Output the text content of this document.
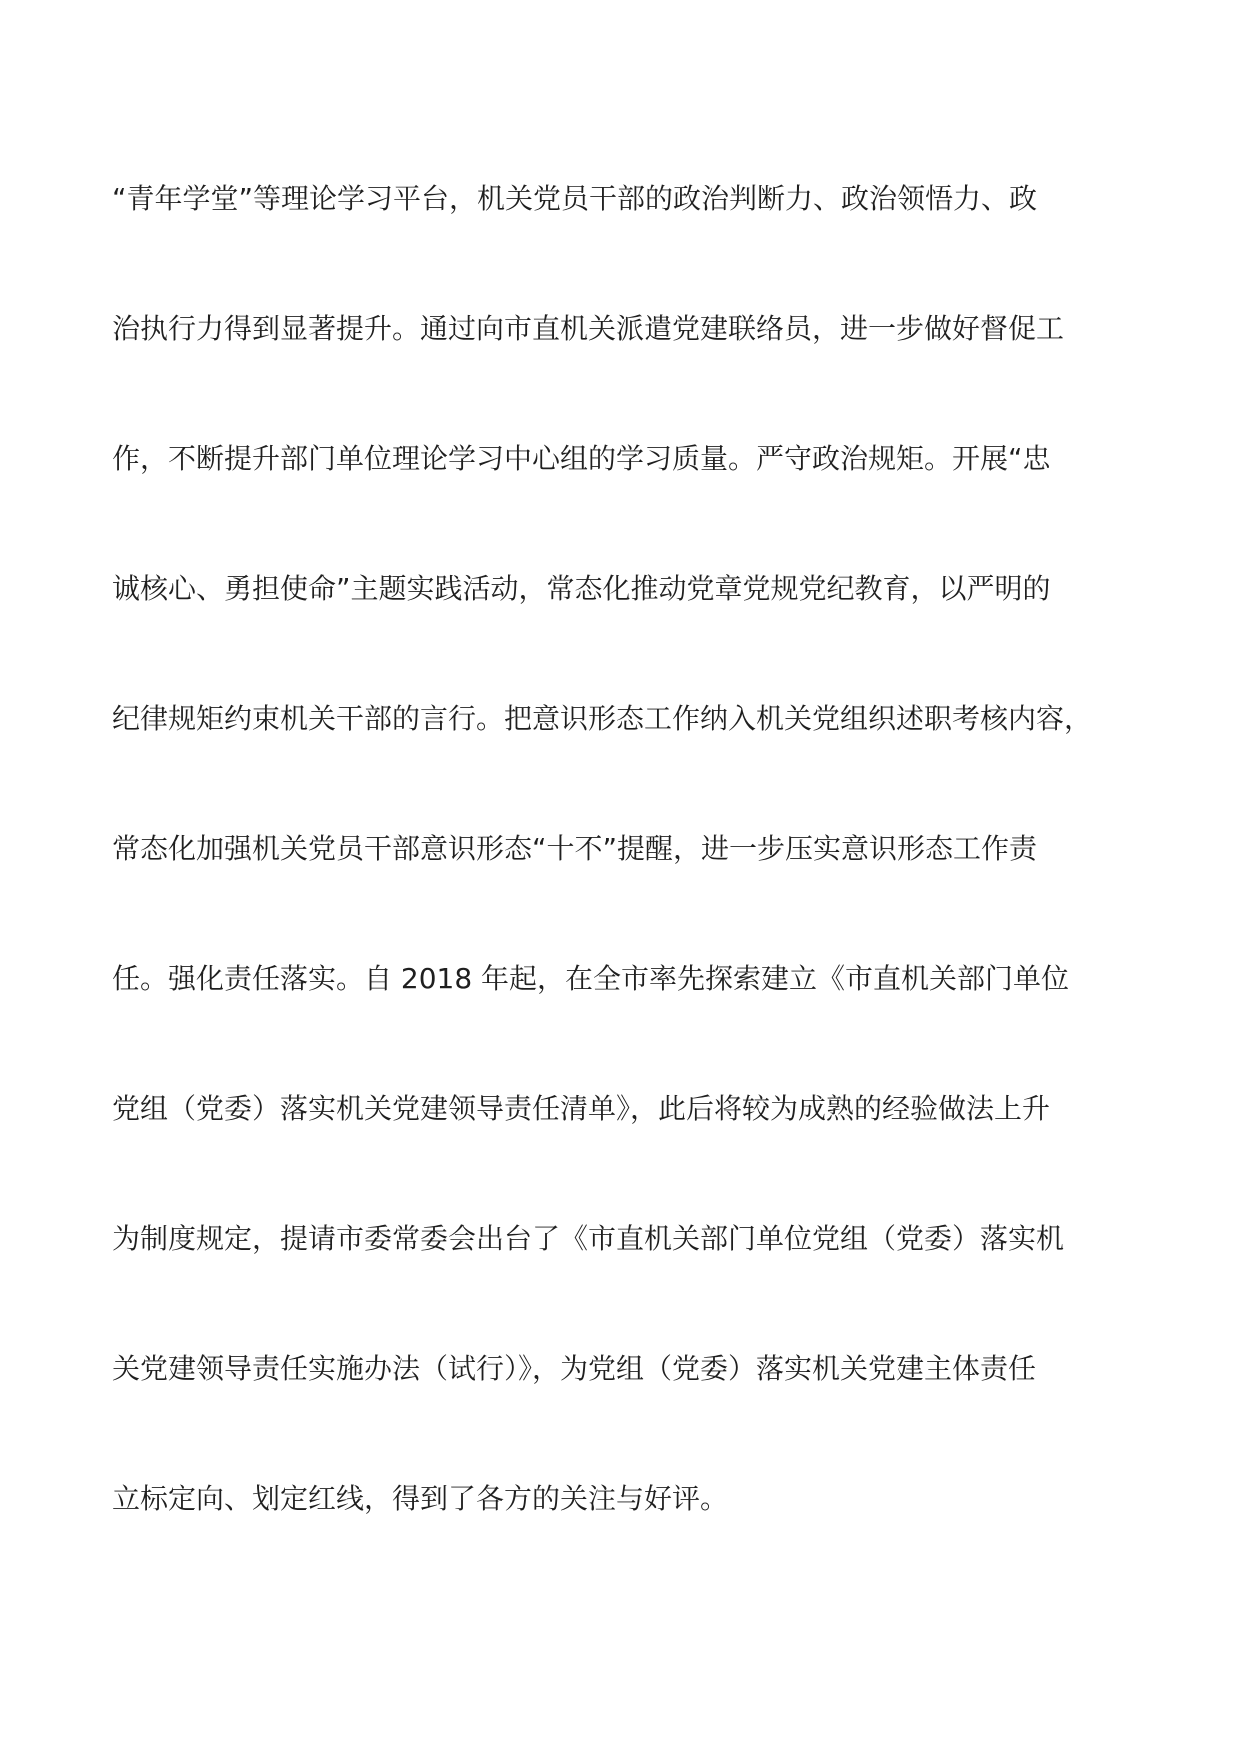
“青年学堂”等理论学习平台，机关党员干部的政治判断力、政治领悟力、政
治执行力得到显著提升。通过向市直机关派遣党建联络员，进一步做好督促工
作，不断提升部门单位理论学习中心组的学习质量。严守政治规矩。开展“忠
诚核心、勇担使命”主题实践活动，常态化推动党章党规党纪教育，以严明的
纪律规矩约束机关干部的言行。把意识形态工作纳入机关党组织述职考核内容，
常态化加强机关党员干部意识形态“十不”提醒，进一步压实意识形态工作责
任。强化责任落实。自 2018 年起，在全市率先探索建立《市直机关部门单位
党组（党委）落实机关党建领导责任清单》，此后将较为成熟的经验做法上升
为制度规定，提请市委常委会出台了《市直机关部门单位党组（党委）落实机
关党建领导责任实施办法（试行）》，为党组（党委）落实机关党建主体责任
立标定向、划定红线，得到了各方的关注与好评。
